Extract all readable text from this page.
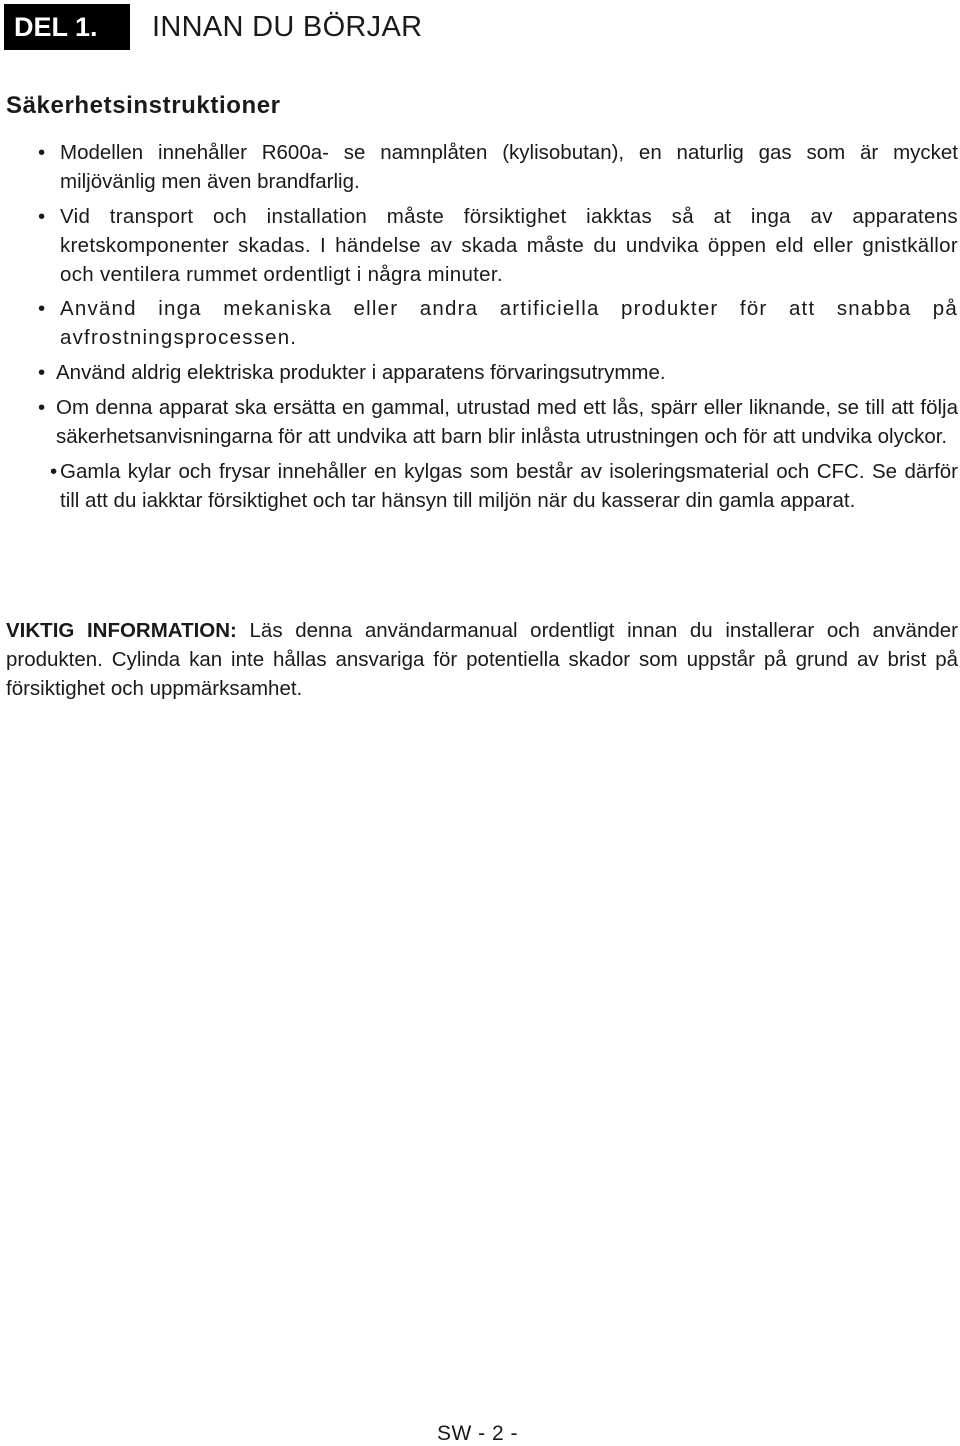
DEL 1.	INNAN DU BÖRJAR
Säkerhetsinstruktioner
• Modellen innehåller R600a- se namnplåten (kylisobutan), en naturlig gas som är mycket miljövänlig men även brandfarlig.
• Vid transport och installation måste försiktighet iakktas så at inga av apparatens kretskomponenter skadas. I händelse av skada måste du undvika öppen eld eller gnistkällor och ventilera rummet ordentligt i några minuter.
• Använd inga mekaniska eller andra artificiella produkter för att snabba på avfrostningsprocessen.
• Använd aldrig elektriska produkter i apparatens förvaringsutrymme.
• Om denna apparat ska ersätta en gammal, utrustad med ett lås, spärr eller liknande, se till att följa säkerhetsanvisningarna för att undvika att barn blir inlåsta utrustningen och för att undvika olyckor.
• Gamla kylar och frysar innehåller en kylgas som består av isoleringsmaterial och CFC. Se därför till att du iakktar försiktighet och tar hänsyn till miljön när du kasserar din gamla apparat.

VIKTIG INFORMATION: Läs denna användarmanual ordentligt innan du installerar och använder produkten. Cylinda kan inte hållas ansvariga för potentiella skador som uppstår på grund av brist på försiktighet och uppmärksamhet.

SW - 2 -
